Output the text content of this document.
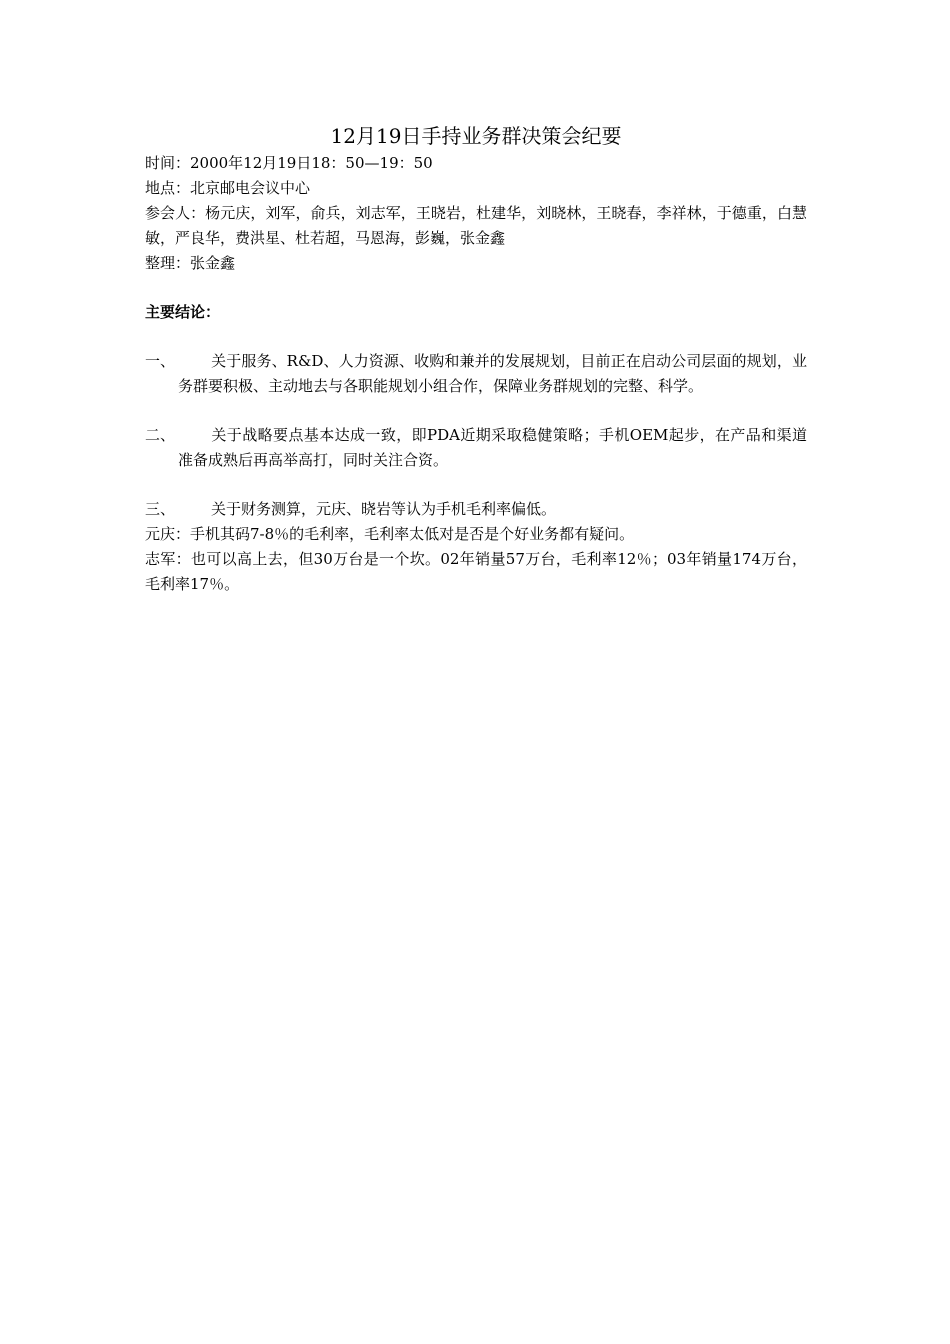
12月19日手持业务群决策会纪要

时间：2000年12月19日18：50—19：50

地点：北京邮电会议中心

参会人：杨元庆，刘军，俞兵，刘志军，王晓岩，杜建华，刘晓林，王晓春，李祥林，于德重，白慧敏，严良华，费洪星、杜若超，马恩海，彭巍，张金鑫

整理：张金鑫

主要结论：

一、 关于服务、R&D、人力资源、收购和兼并的发展规划，目前正在启动公司层面的规划，业务群要积极、主动地去与各职能规划小组合作，保障业务群规划的完整、科学。

二、 关于战略要点基本达成一致，即PDA近期采取稳健策略；手机OEM起步，在产品和渠道准备成熟后再高举高打，同时关注合资。

三、 关于财务测算，元庆、晓岩等认为手机毛利率偏低。

元庆：手机其码7-8％的毛利率，毛利率太低对是否是个好业务都有疑问。

志军：也可以高上去，但30万台是一个坎。02年销量57万台，毛利率12％；03年销量174万台，毛利率17％。
